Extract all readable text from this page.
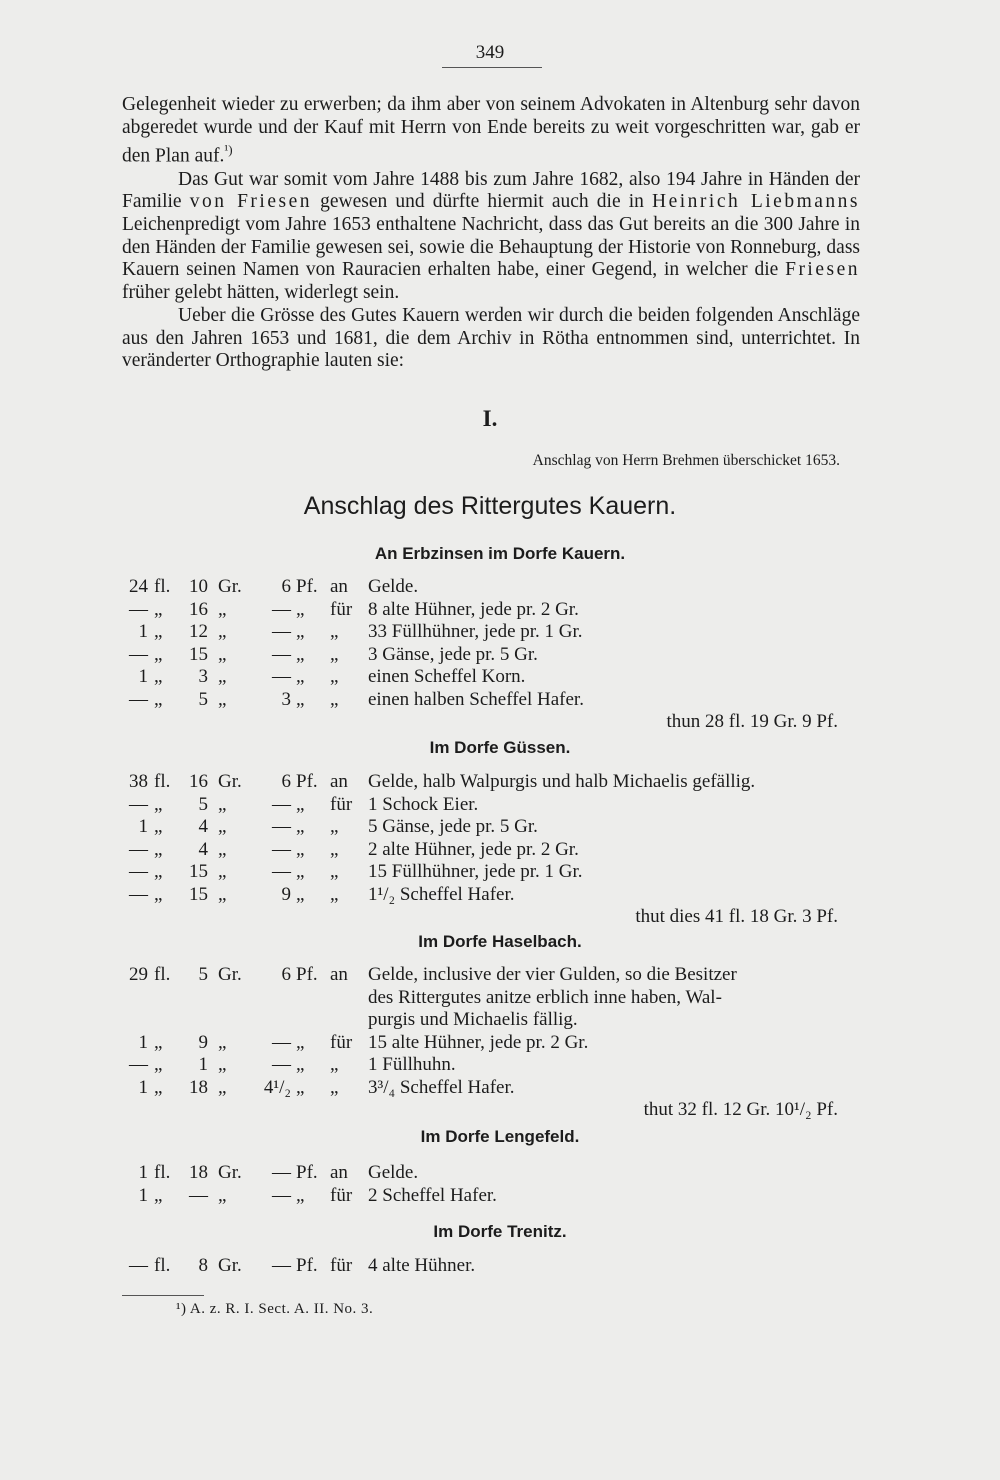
349

Gelegenheit wieder zu erwerben; da ihm aber von seinem Advokaten in Altenburg sehr davon abgeredet wurde und der Kauf mit Herrn von Ende bereits zu weit vorgeschritten war, gab er den Plan auf.$^{^1)}$

Das Gut war somit vom Jahre 1488 bis zum Jahre 1682, also 194 Jahre in Händen der Familie von Friesen gewesen und dürfte hiermit auch die in Heinrich Liebmanns Leichenpredigt vom Jahre 1653 enthaltene Nachricht, dass das Gut bereits an die 300 Jahre in den Händen der Familie gewesen sei, sowie die Behauptung der Historie von Ronneburg, dass Kauern seinen Namen von Rauracien erhalten habe, einer Gegend, in welcher die Friesen früher gelebt hätten, widerlegt sein.

Ueber die Grösse des Gutes Kauern werden wir durch die beiden folgenden Anschläge aus den Jahren 1653 und 1681, die dem Archiv in Rötha entnommen sind, unterrichtet. In veränderter Orthographie lauten sie:

I.
Anschlag von Herrn Brehmen überschicket 1653.
Anschlag des Rittergutes Kauern.
An Erbzinsen im Dorfe Kauern.
24 fl. 10 Gr.	6 Pf. an	Gelde.
— „	16 „	— „	für 8 alte Hühner, jede pr. 2 Gr.
1 „	12 „	— „	„	33 Füllhühner, jede pr. 1 Gr.
— „	15 „	— „	„	3 Gänse, jede pr. 5 Gr.
1 „	3 „	— „	„	einen Scheffel Korn.
— „	5 „	3 „	„	einen halben Scheffel Hafer.
thun 28 fl. 19 Gr. 9 Pf.
Im Dorfe Güssen.
38 fl. 16 Gr.	6 Pf. an	Gelde, halb Walpurgis und halb Michaelis gefällig.
— „	5 „	— „	für 1 Schock Eier.
1 „	4 „	— „	„	5 Gänse, jede pr. 5 Gr.
— „	4 „	— „	„	2 alte Hühner, jede pr. 2 Gr.
— „	15 „	— „	„	15 Füllhühner, jede pr. 1 Gr.
— „	15 „	9 „	„	1¹/₂ Scheffel Hafer.
thut dies 41 fl. 18 Gr. 3 Pf.
Im Dorfe Haselbach.
29 fl.	5 Gr.	6 Pf. an	Gelde, inclusive der vier Gulden, so die Besitzer
des Rittergutes anitze erblich inne haben, Wal-
purgis und Michaelis fällig.
1 „	9 „	— „	für 15 alte Hühner, jede pr. 2 Gr.
— „	1 „	— „	„	1 Füllhuhn.
1 „	18 „	4¹/₂ „	„	3³/₄ Scheffel Hafer.
thut 32 fl. 12 Gr. 10¹/₂ Pf.
Im Dorfe Lengefeld.
1 fl. 18 Gr.	— Pf. an	Gelde.
1 „	— „	— „	für 2 Scheffel Hafer.
Im Dorfe Trenitz.
— fl.	8 Gr.	— Pf. für 4 alte Hühner.
¹) A. z. R. I. Sect. A. II. No. 3.
